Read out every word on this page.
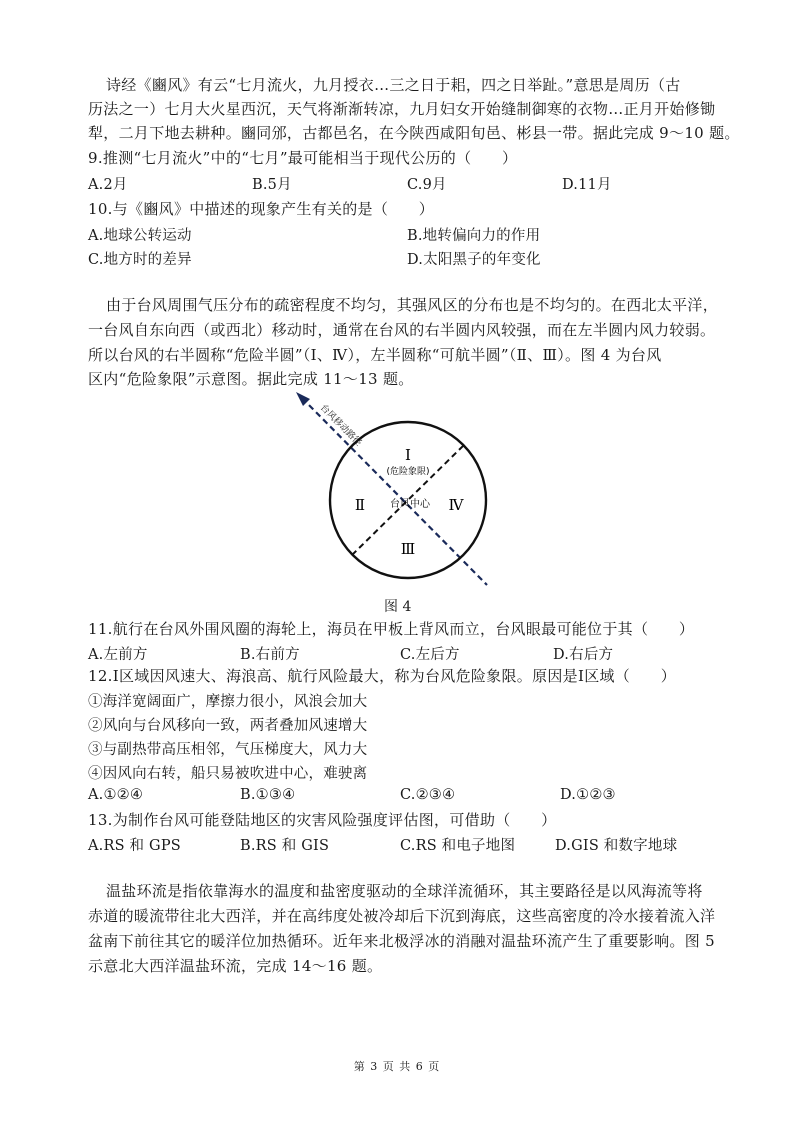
诗经《豳风》有云“七月流火，九月授衣…三之日于耜，四之日举趾。”意思是周历（古
历法之一）七月大火星西沉，天气将渐渐转凉，九月妇女开始缝制御寒的衣物…正月开始修锄
犁，二月下地去耕种。豳同邠，古都邑名，在今陕西咸阳旬邑、彬县一带。据此完成 9～10 题。
9.推测“七月流火”中的“七月”最可能相当于现代公历的（　　）
A.2月	B.5月	C.9月	D.11月
10.与《豳风》中描述的现象产生有关的是（　　）
A.地球公转运动	B.地转偏向力的作用
C.地方时的差异	D.太阳黑子的年变化
由于台风周围气压分布的疏密程度不均匀，其强风区的分布也是不均匀的。在西北太平洋，
一台风自东向西（或西北）移动时，通常在台风的右半圆内风较强，而在左半圆内风力较弱。
所以台风的右半圆称“危险半圆”（Ⅰ、Ⅳ），左半圆称“可航半圆”（Ⅱ、Ⅲ）。图 4 为台风
区内“危险象限”示意图。据此完成 11～13 题。
台风移动路径
Ⅰ
(危险象限)
Ⅱ
Ⅲ
Ⅳ
台风中心
图 4
11.航行在台风外围风圈的海轮上，海员在甲板上背风而立，台风眼最可能位于其（　　）
A.左前方	B.右前方	C.左后方	D.右后方
12.Ⅰ区域因风速大、海浪高、航行风险最大，称为台风危险象限。原因是Ⅰ区域（　　）
①海洋宽阔面广，摩擦力很小，风浪会加大
②风向与台风移向一致，两者叠加风速增大
③与副热带高压相邻，气压梯度大，风力大
④因风向右转，船只易被吹进中心，难驶离
A.①②④	B.①③④	C.②③④	D.①②③
13.为制作台风可能登陆地区的灾害风险强度评估图，可借助（　　）
A.RS 和 GPS	B.RS 和 GIS	C.RS 和电子地图	D.GIS 和数字地球
温盐环流是指依靠海水的温度和盐密度驱动的全球洋流循环，其主要路径是以风海流等将
赤道的暖流带往北大西洋，并在高纬度处被冷却后下沉到海底，这些高密度的冷水接着流入洋
盆南下前往其它的暖洋位加热循环。近年来北极浮冰的消融对温盐环流产生了重要影响。图 5
示意北大西洋温盐环流，完成 14～16 题。
第 3 页 共 6 页
